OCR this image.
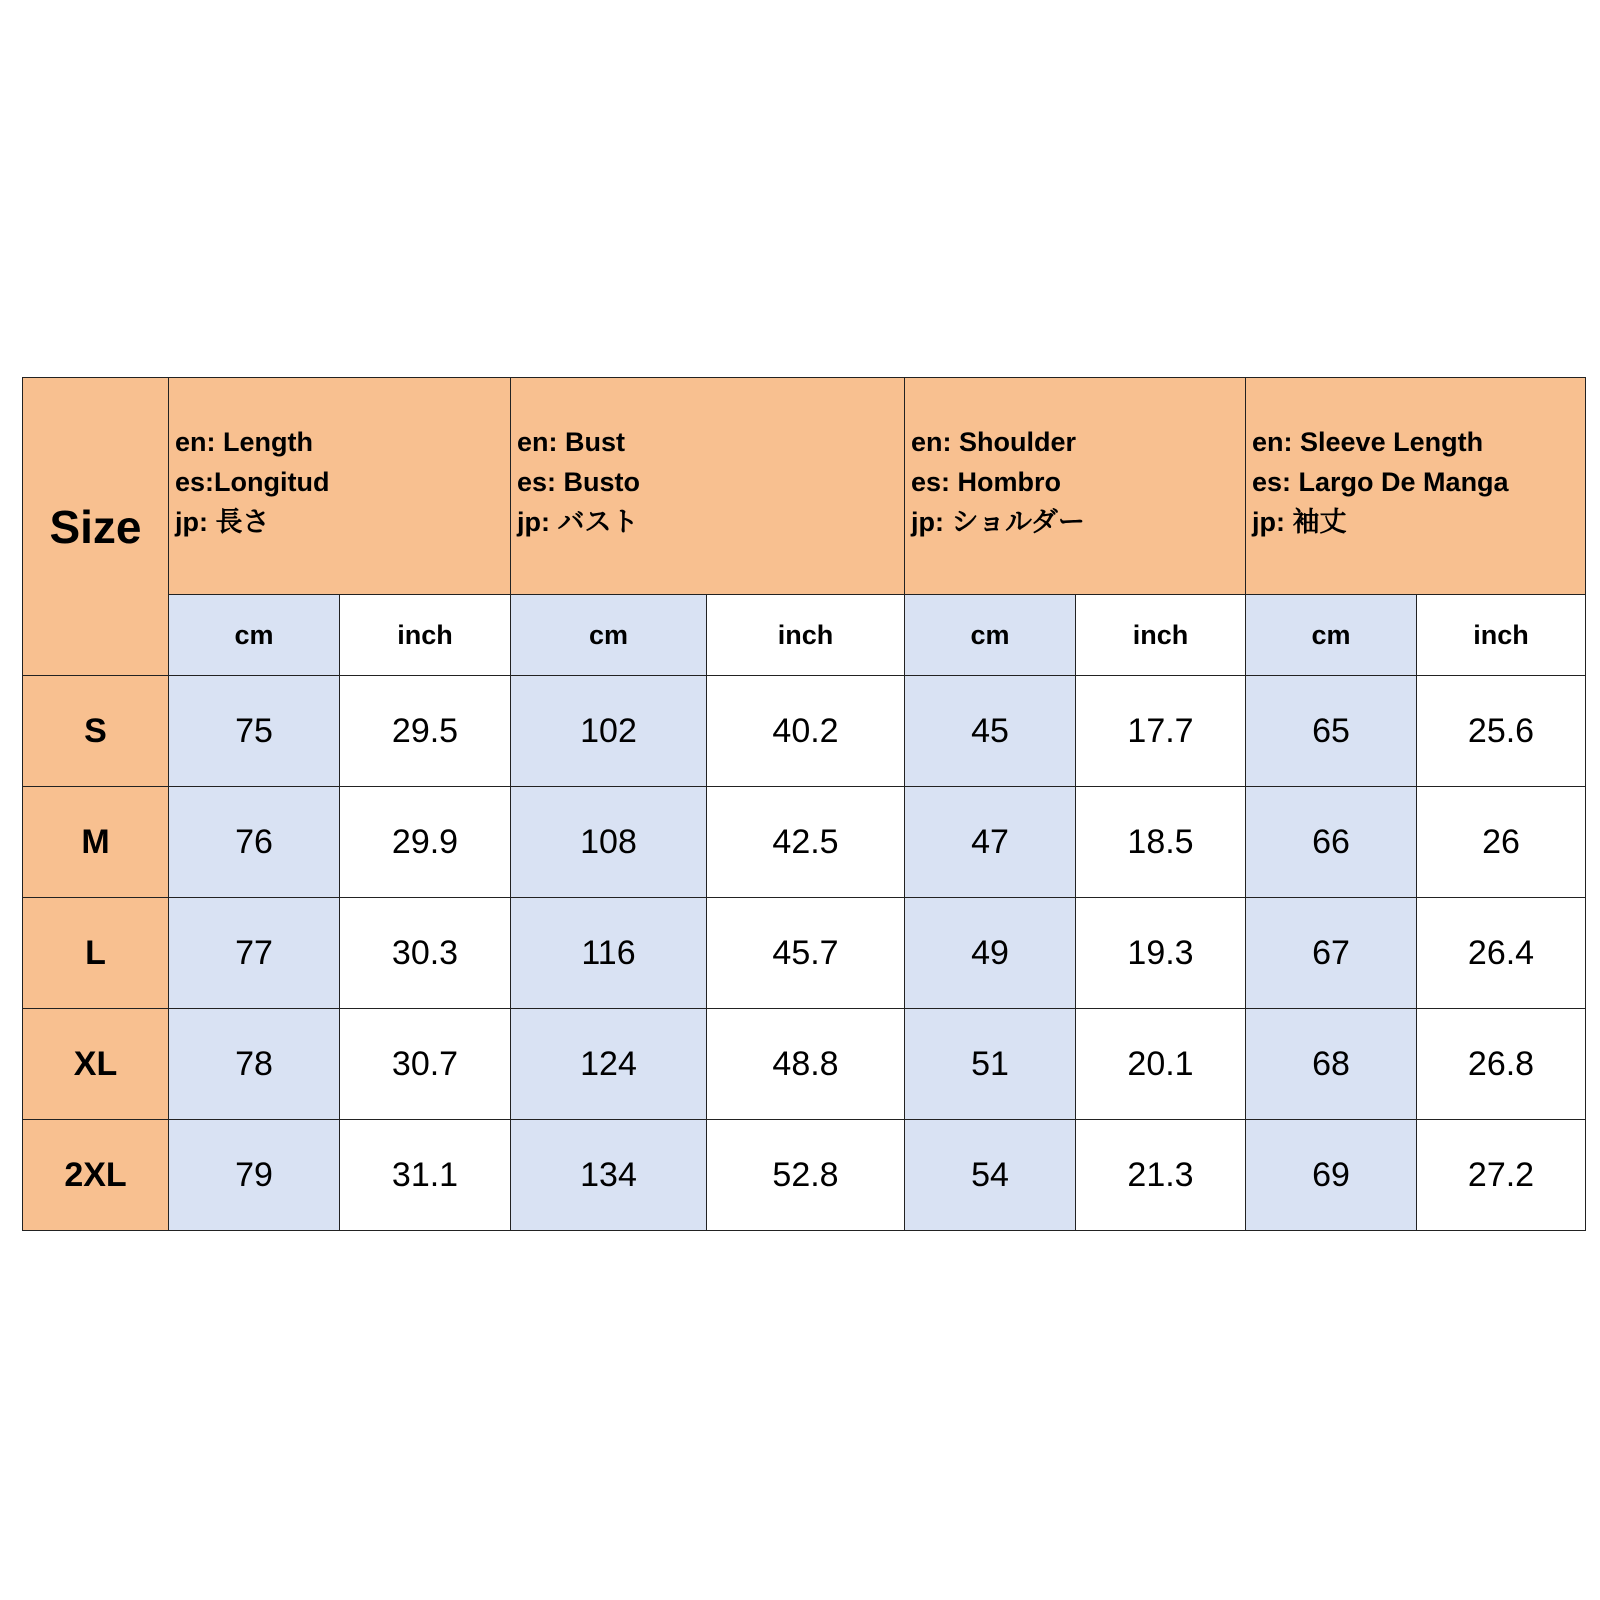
Size	en: Length
es:Longitud
jp: 長さ		en: Bust
es: Busto
jp: バスト		en: Shoulder
es: Hombro
jp: ショルダー		en: Sleeve Length
es: Largo De Manga
jp: 袖丈	

	cm	inch	cm	inch	cm	inch	cm	inch
S	75	29.5	102	40.2	45	17.7	65	25.6
M	76	29.9	108	42.5	47	18.5	66	26
L	77	30.3	116	45.7	49	19.3	67	26.4
XL	78	30.7	124	48.8	51	20.1	68	26.8
2XL	79	31.1	134	52.8	54	21.3	69	27.2
